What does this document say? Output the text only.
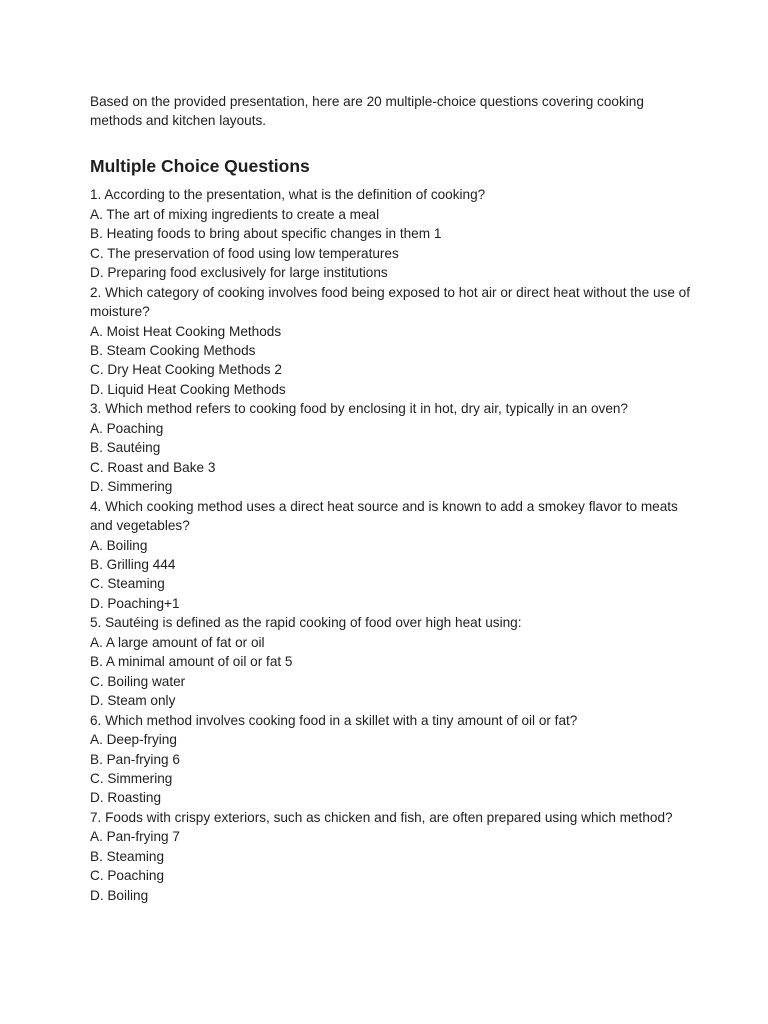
Based on the provided presentation, here are 20 multiple-choice questions covering cooking methods and kitchen layouts.

Multiple Choice Questions
1. According to the presentation, what is the definition of cooking?
A. The art of mixing ingredients to create a meal
B. Heating foods to bring about specific changes in them 1
C. The preservation of food using low temperatures
D. Preparing food exclusively for large institutions
2. Which category of cooking involves food being exposed to hot air or direct heat without the use of moisture?
A. Moist Heat Cooking Methods
B. Steam Cooking Methods
C. Dry Heat Cooking Methods 2
D. Liquid Heat Cooking Methods
3. Which method refers to cooking food by enclosing it in hot, dry air, typically in an oven?
A. Poaching
B. Sautéing
C. Roast and Bake 3
D. Simmering
4. Which cooking method uses a direct heat source and is known to add a smokey flavor to meats and vegetables?
A. Boiling
B. Grilling 444
C. Steaming
D. Poaching+1
5. Sautéing is defined as the rapid cooking of food over high heat using:
A. A large amount of fat or oil
B. A minimal amount of oil or fat 5
C. Boiling water
D. Steam only
6. Which method involves cooking food in a skillet with a tiny amount of oil or fat?
A. Deep-frying
B. Pan-frying 6
C. Simmering
D. Roasting
7. Foods with crispy exteriors, such as chicken and fish, are often prepared using which method?
A. Pan-frying 7
B. Steaming
C. Poaching
D. Boiling
